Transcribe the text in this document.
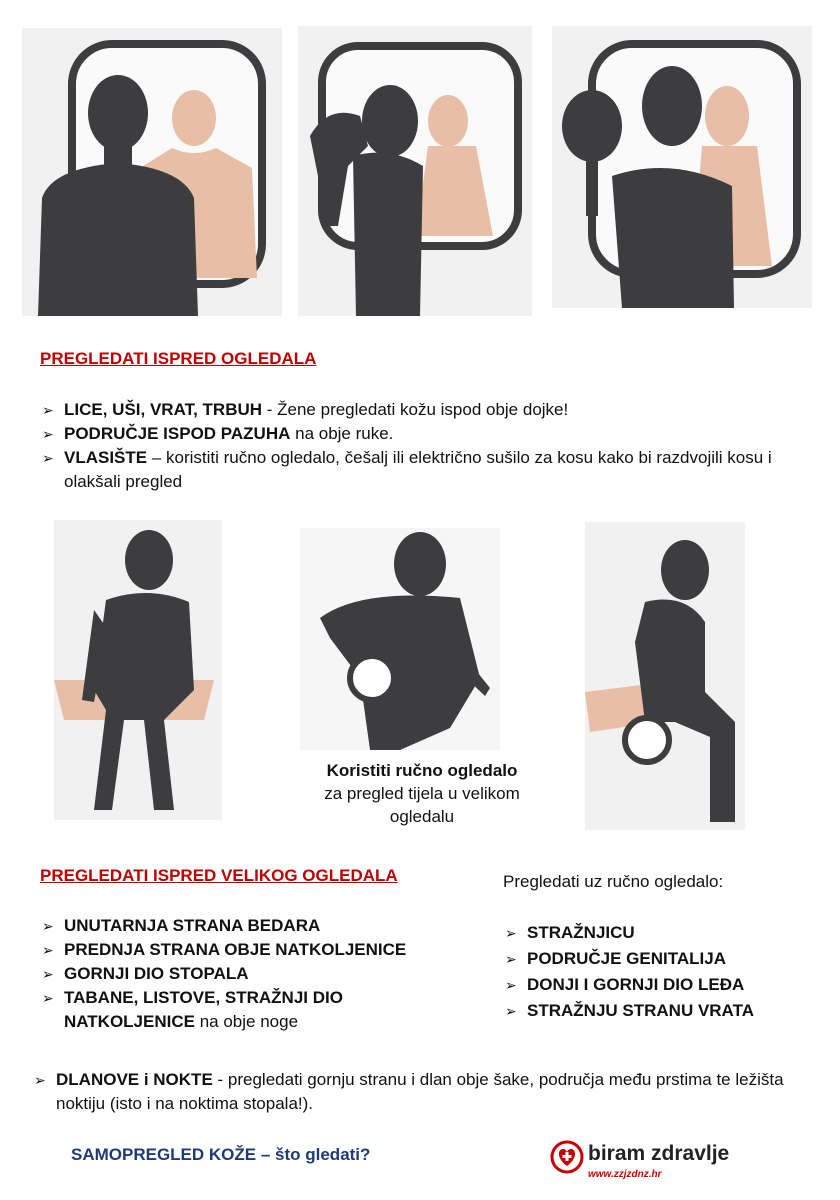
PREGLEDATI ISPRED OGLEDALA
➢ LICE, UŠI, VRAT, TRBUH - Žene pregledati kožu ispod obje dojke!
➢ PODRUČJE ISPOD PAZUHA na obje ruke.
➢ VLASIŠTE – koristiti ručno ogledalo, češalj ili električno sušilo za kosu kako bi razdvojili kosu i olakšali pregled
Koristiti ručno ogledalo
za pregled tijela u velikom
ogledalu
PREGLEDATI ISPRED VELIKOG OGLEDALA
➢ UNUTARNJA STRANA BEDARA
➢ PREDNJA STRANA OBJE NATKOLJENICE
➢ GORNJI DIO STOPALA
➢ TABANE, LISTOVE, STRAŽNJI DIO NATKOLJENICE na obje noge
Pregledati uz ručno ogledalo:
➢ STRAŽNJICU
➢ PODRUČJE GENITALIJA
➢ DONJI I GORNJI DIO LEĐA
➢ STRAŽNJU STRANU VRATA
➢ DLANOVE i NOKTE - pregledati gornju stranu i dlan obje šake, područja među prstima te ležišta noktiju (isto i na noktima stopala!).
SAMOPREGLED KOŽE – što gledati?	biram zdravlje
www.zzjzdnz.hr
